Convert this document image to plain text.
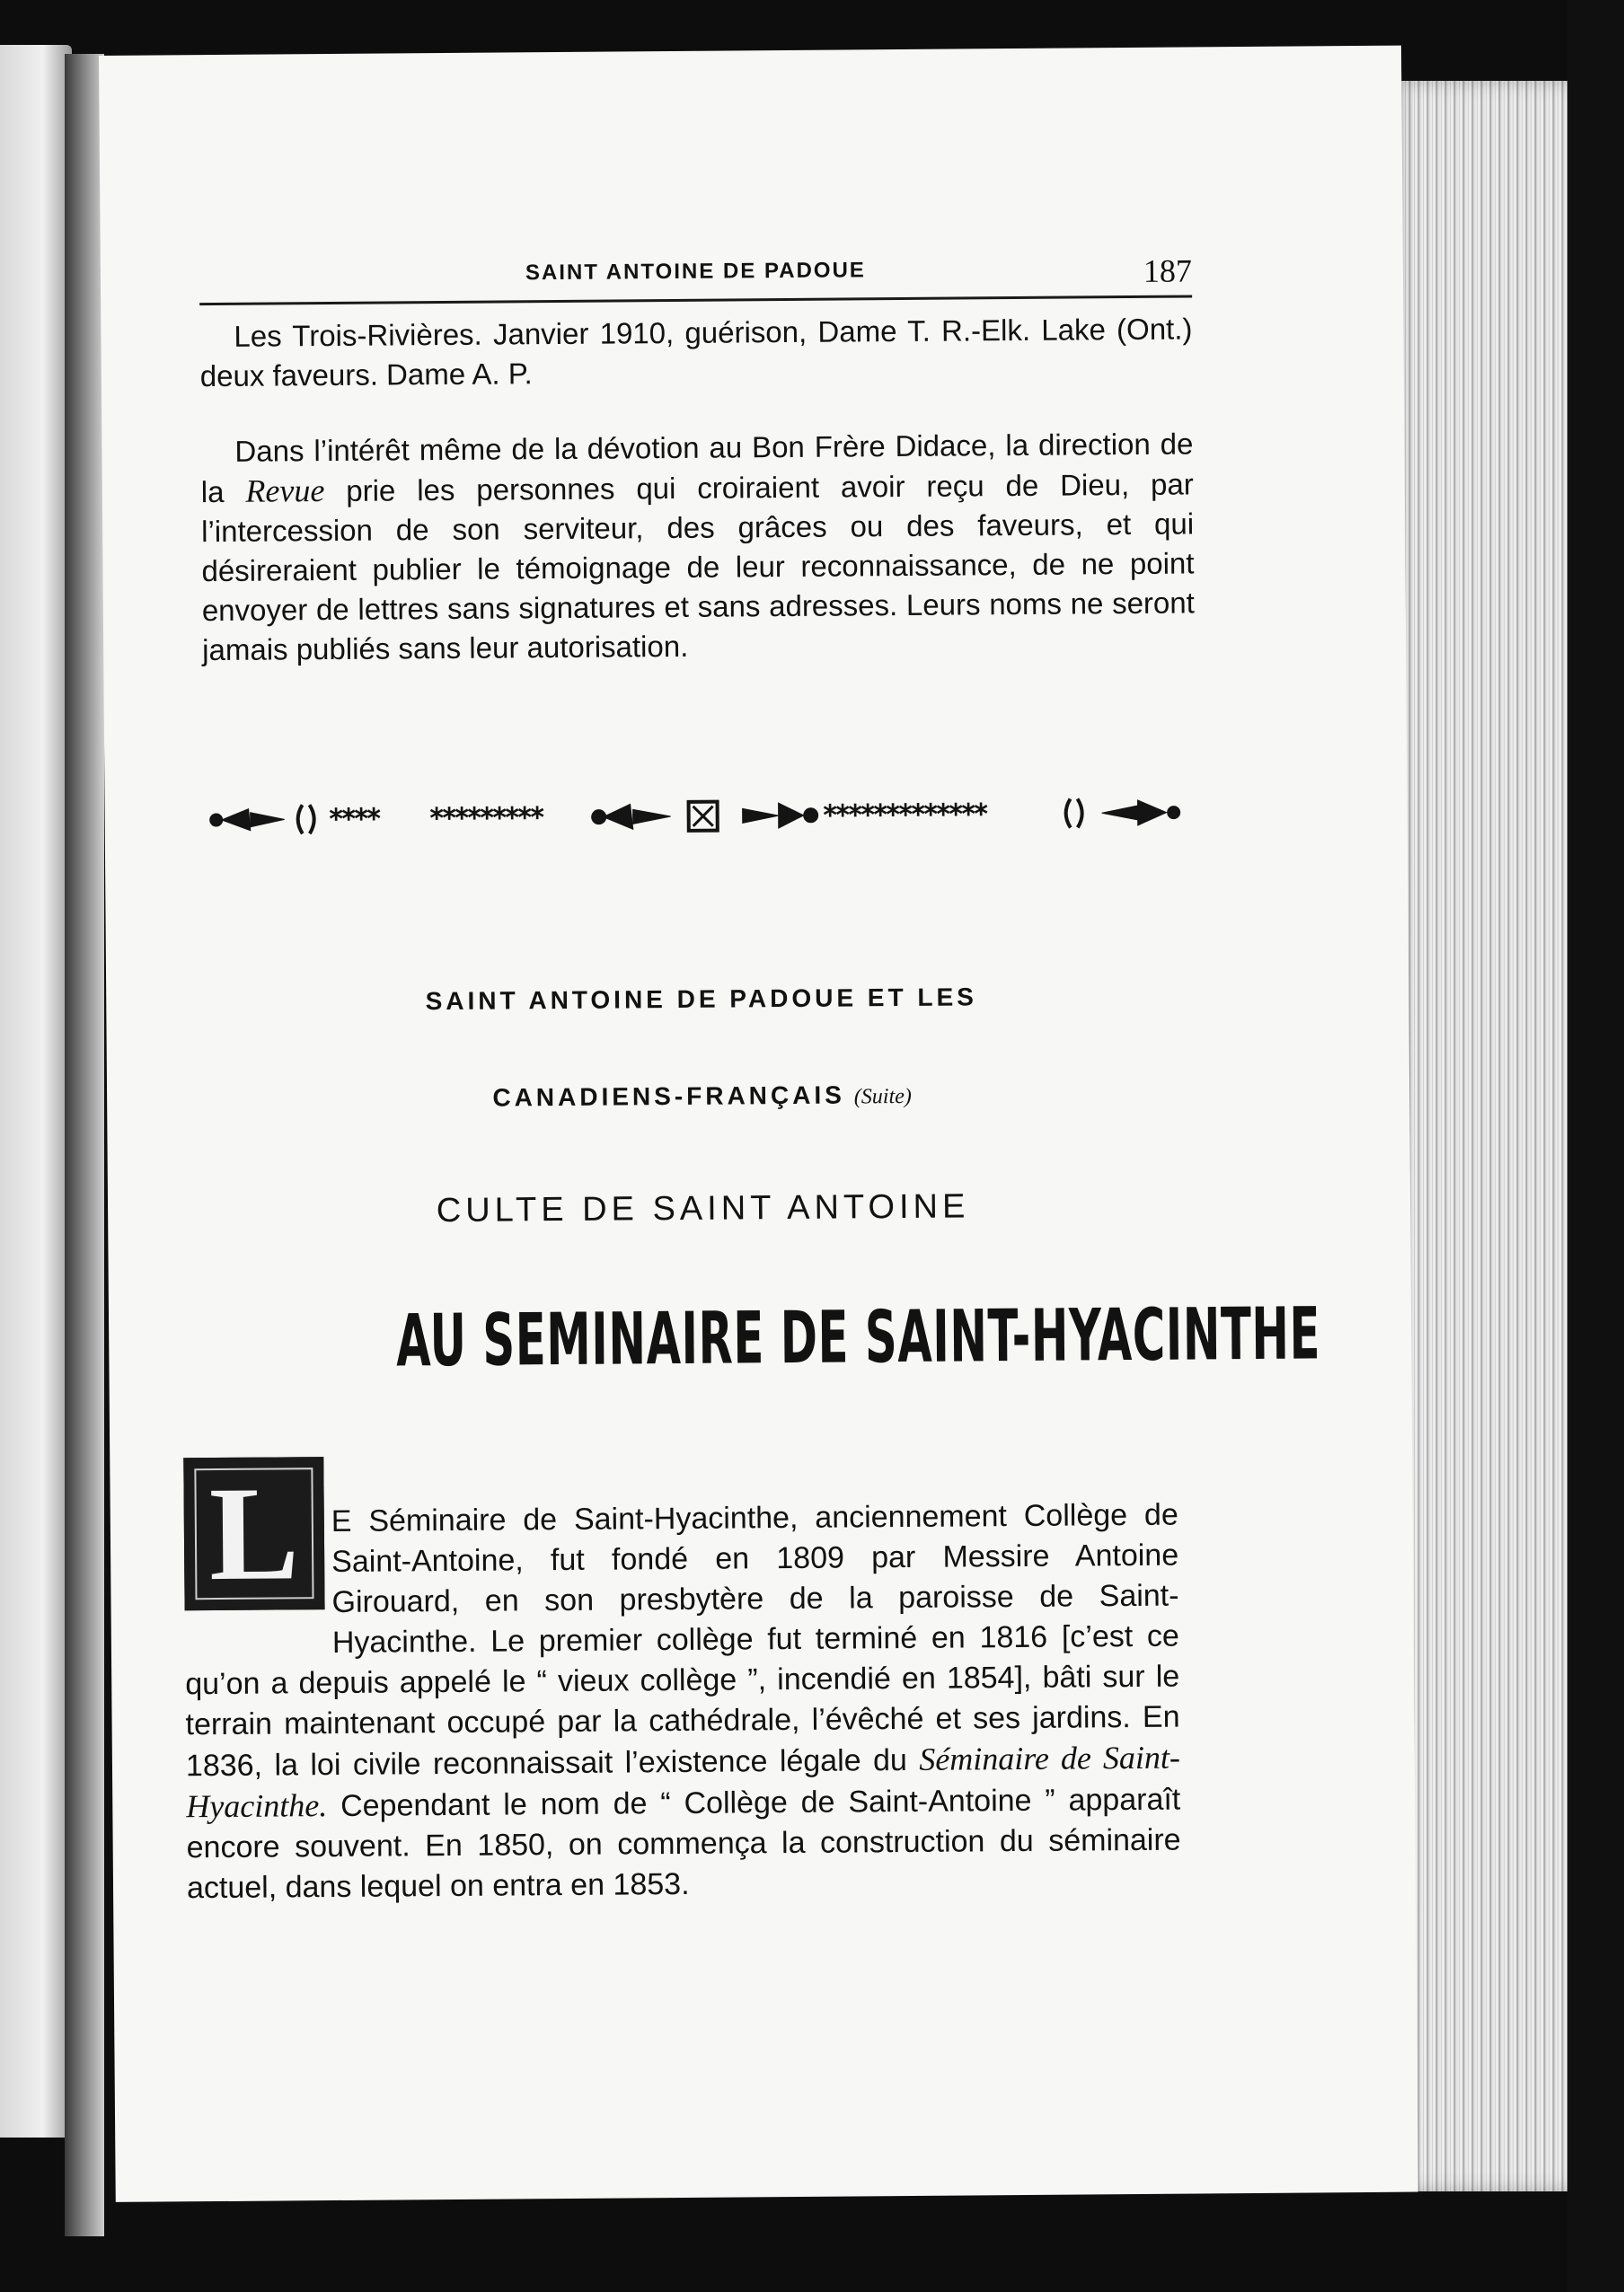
SAINT ANTOINE DE PADOUE	187
Les Trois-Rivières. Janvier 1910, guérison, Dame T. R.-Elk. Lake (Ont.) deux faveurs. Dame A. P.
Dans l’intérêt même de la dévotion au Bon Frère Didace, la direction de la Revue prie les personnes qui croiraient avoir reçu de Dieu, par l’intercession de son serviteur, des grâces ou des faveurs, et qui désireraient publier le témoignage de leur reconnaissance, de ne point envoyer de lettres sans signatures et sans adresses. Leurs noms ne seront jamais publiés sans leur autorisation.
**** *********	*************
SAINT ANTOINE DE PADOUE ET LES
CANADIENS-FRANÇAIS (Suite)
CULTE DE SAINT ANTOINE
AU SEMINAIRE DE SAINT-HYACINTHE
L	E Séminaire de Saint-Hyacinthe, anciennement Collège de Saint-Antoine, fut fondé en 1809 par Messire Antoine Girouard, en son presbytère de la paroisse de Saint-Hyacinthe. Le premier collège fut terminé en 1816 [c’est ce qu’on a depuis appelé le “ vieux collège ”, incendié en 1854], bâti sur le terrain maintenant occupé par la cathédrale, l’évêché et ses jardins. En 1836, la loi civile reconnaissait l’existence légale du Séminaire de Saint-Hyacinthe. Cependant le nom de “ Collège de Saint-Antoine ” apparaît encore souvent. En 1850, on commença la construction du séminaire actuel, dans lequel on entra en 1853.
